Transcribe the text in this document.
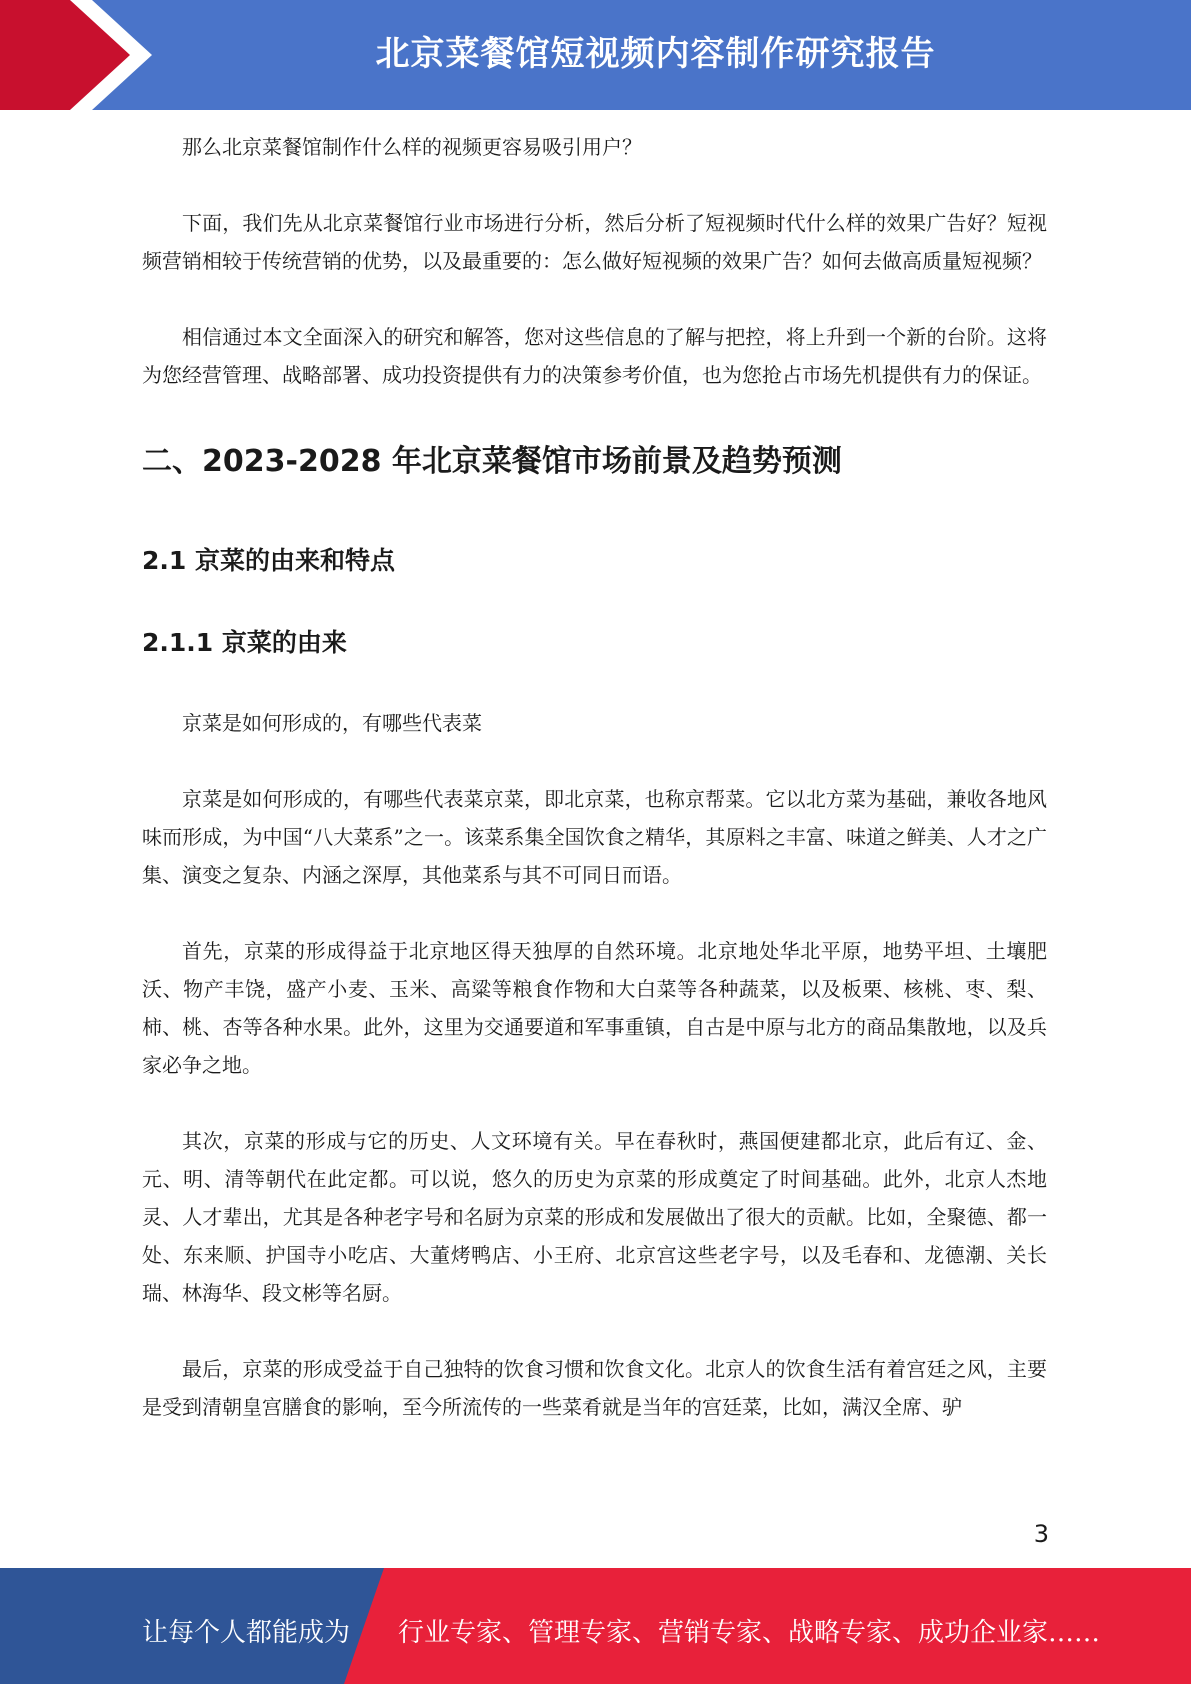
北京菜餐馆短视频内容制作研究报告

那么北京菜餐馆制作什么样的视频更容易吸引用户？

下面，我们先从北京菜餐馆行业市场进行分析，然后分析了短视频时代什么样的效果广告好？短视频营销相较于传统营销的优势，以及最重要的：怎么做好短视频的效果广告？如何去做高质量短视频？

相信通过本文全面深入的研究和解答，您对这些信息的了解与把控，将上升到一个新的台阶。这将为您经营管理、战略部署、成功投资提供有力的决策参考价值，也为您抢占市场先机提供有力的保证。

二、2023-2028 年北京菜餐馆市场前景及趋势预测
2.1 京菜的由来和特点
2.1.1 京菜的由来

京菜是如何形成的，有哪些代表菜

京菜是如何形成的，有哪些代表菜京菜，即北京菜，也称京帮菜。它以北方菜为基础，兼收各地风味而形成，为中国“八大菜系”之一。该菜系集全国饮食之精华，其原料之丰富、味道之鲜美、人才之广集、演变之复杂、内涵之深厚，其他菜系与其不可同日而语。

首先，京菜的形成得益于北京地区得天独厚的自然环境。北京地处华北平原，地势平坦、土壤肥沃、物产丰饶，盛产小麦、玉米、高粱等粮食作物和大白菜等各种蔬菜，以及板栗、核桃、枣、梨、柿、桃、杏等各种水果。此外，这里为交通要道和军事重镇，自古是中原与北方的商品集散地，以及兵家必争之地。

其次，京菜的形成与它的历史、人文环境有关。早在春秋时，燕国便建都北京，此后有辽、金、元、明、清等朝代在此定都。可以说，悠久的历史为京菜的形成奠定了时间基础。此外，北京人杰地灵、人才辈出，尤其是各种老字号和名厨为京菜的形成和发展做出了很大的贡献。比如，全聚德、都一处、东来顺、护国寺小吃店、大董烤鸭店、小王府、北京宫这些老字号，以及毛春和、龙德潮、关长瑞、林海华、段文彬等名厨。

最后，京菜的形成受益于自己独特的饮食习惯和饮食文化。北京人的饮食生活有着宫廷之风，主要是受到清朝皇宫膳食的影响，至今所流传的一些菜肴就是当年的宫廷菜，比如，满汉全席、驴

3
让每个人都能成为 行业专家、管理专家、营销专家、战略专家、成功企业家……
